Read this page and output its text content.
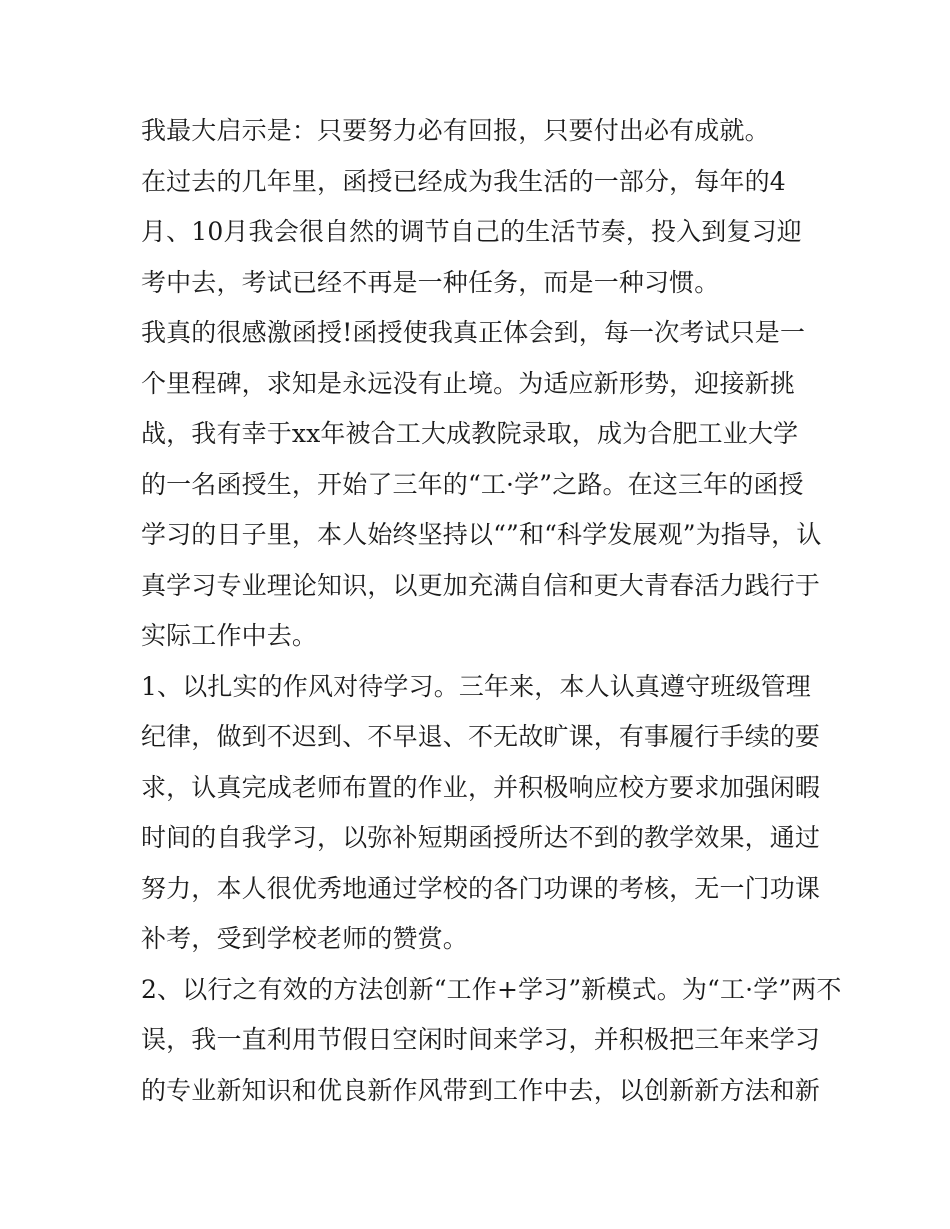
我最大启示是：只要努力必有回报，只要付出必有成就。
在过去的几年里，函授已经成为我生活的一部分，每年的4
月、10月我会很自然的调节自己的生活节奏，投入到复习迎
考中去，考试已经不再是一种任务，而是一种习惯。
我真的很感激函授!函授使我真正体会到，每一次考试只是一
个里程碑，求知是永远没有止境。为适应新形势，迎接新挑
战，我有幸于xx年被合工大成教院录取，成为合肥工业大学
的一名函授生，开始了三年的“工·学”之路。在这三年的函授
学习的日子里，本人始终坚持以“”和“科学发展观”为指导，认
真学习专业理论知识，以更加充满自信和更大青春活力践行于
实际工作中去。
1、以扎实的作风对待学习。三年来，本人认真遵守班级管理
纪律，做到不迟到、不早退、不无故旷课，有事履行手续的要
求，认真完成老师布置的作业，并积极响应校方要求加强闲暇
时间的自我学习，以弥补短期函授所达不到的教学效果，通过
努力，本人很优秀地通过学校的各门功课的考核，无一门功课
补考，受到学校老师的赞赏。
2、以行之有效的方法创新“工作+学习”新模式。为“工·学”两不
误，我一直利用节假日空闲时间来学习，并积极把三年来学习
的专业新知识和优良新作风带到工作中去，以创新新方法和新
